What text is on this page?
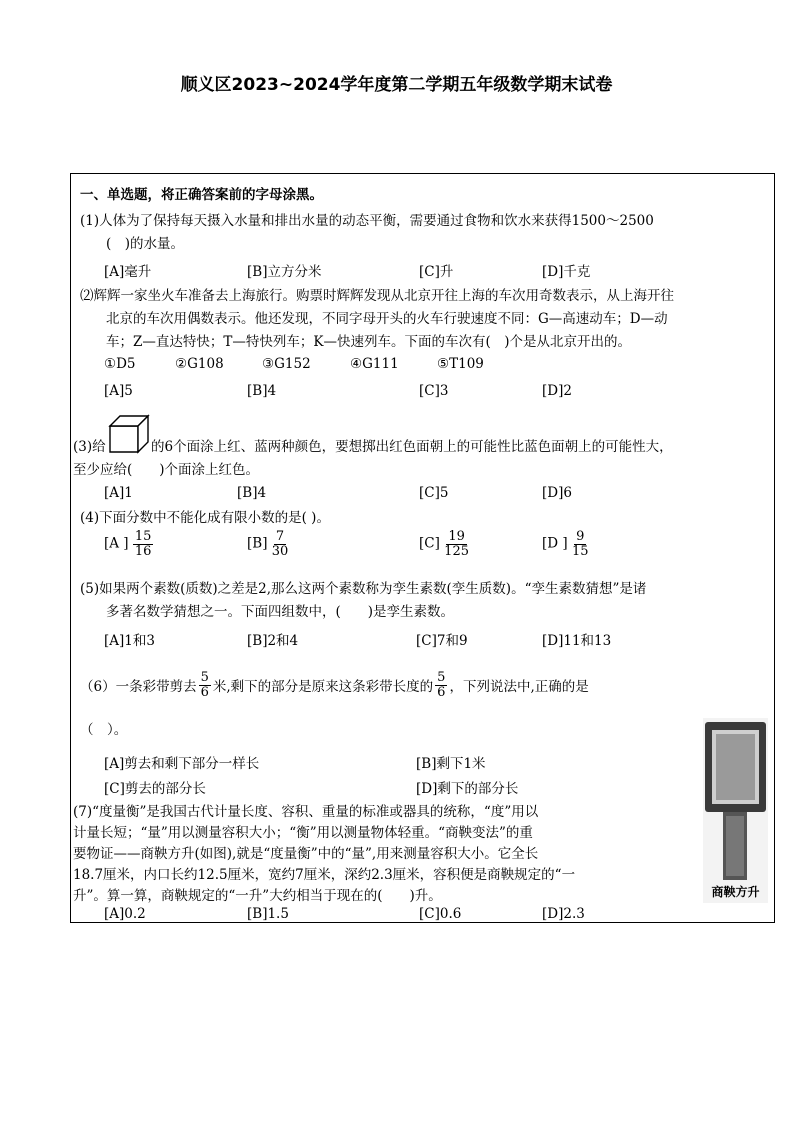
顺义区2023~2024学年度第二学期五年级数学期末试卷
一、单选题，将正确答案前的字母涂黑。
(1)人体为了保持每天摄入水量和排出水量的动态平衡，需要通过食物和饮水来获得1500～2500
(　)的水量。
[A]毫升	[B]立方分米	[C]升	[D]千克
⑵辉辉一家坐火车准备去上海旅行。购票时辉辉发现从北京开往上海的车次用奇数表示，从上海开往
北京的车次用偶数表示。他还发现，不同字母开头的火车行驶速度不同：G—高速动车；D—动
车；Z—直达特快；T—特快列车；K—快速列车。下面的车次有(　)个是从北京开出的。
①D5	②G108	③G152	④G111	⑤T109
[A]5	[B]4	[C]3	[D]2
(3)给	的6个面涂上红、蓝两种颜色，要想掷出红色面朝上的可能性比蓝色面朝上的可能性大，
至少应给(　　)个面涂上红色。
[A]1	[B]4	[C]5	[D]6
(4)下面分数中不能化成有限小数的是( )。
[A ] $\frac{15}{16}$	$[B] \frac{7}{30}$	$[C] \frac{19}{125}$	[D ] $\frac{9}{15}$
(5)如果两个素数(质数)之差是2,那么这两个素数称为孪生素数(孪生质数)。“孪生素数猜想”是诸
多著名数学猜想之一。下面四组数中，(　　)是孪生素数。
[A]1和3	[B]2和4	[C]7和9	[D]11和13
（6）一条彩带剪去 $\frac{5}{6}$ 米,剩下的部分是原来这条彩带长度的 $\frac{5}{6}$ ，下列说法中,正确的是
（　）。
[A]剪去和剩下部分一样长	[B]剩下1米
[C]剪去的部分长	[D]剩下的部分长
(7)“度量衡”是我国古代计量长度、容积、重量的标准或器具的统称，“度”用以
计量长短；“量”用以测量容积大小；“衡”用以测量物体轻重。“商鞅变法”的重
要物证——商鞅方升(如图),就是“度量衡”中的“量”,用来测量容积大小。它全长
18.7厘米，内口长约12.5厘米，宽约7厘米，深约2.3厘米，容积便是商鞅规定的“一
升”。算一算，商鞅规定的“一升”大约相当于现在的(　　)升。
[A]0.2	[B]1.5	[C]0.6	[D]2.3
商鞅方升
